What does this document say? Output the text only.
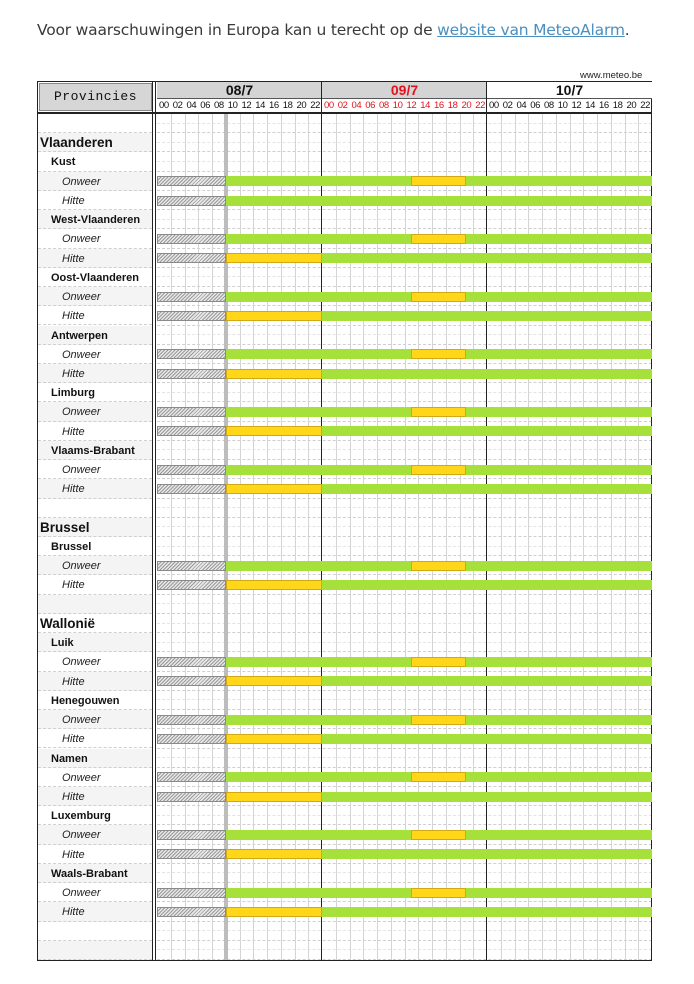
Voor waarschuwingen in Europa kan u terecht op de website van MeteoAlarm.
www.meteo.be
Provincies	08/7
00 02 04 06 08 10 12 14 16 18 20 22
09/7
00 02 04 06 08 10 12 14 16 18 20 22
10/7
00 02 04 06 08 10 12 14 16 18 20 22
Vlaanderen
Kust
Onweer
Hitte
West-Vlaanderen
Onweer
Hitte
Oost-Vlaanderen
Onweer
Hitte
Antwerpen
Onweer
Hitte
Limburg
Onweer
Hitte
Vlaams-Brabant
Onweer
Hitte
Brussel
Brussel
Onweer
Hitte
Wallonië
Luik
Onweer
Hitte
Henegouwen
Onweer
Hitte
Namen
Onweer
Hitte
Luxemburg
Onweer
Hitte
Waals-Brabant
Onweer
Hitte
